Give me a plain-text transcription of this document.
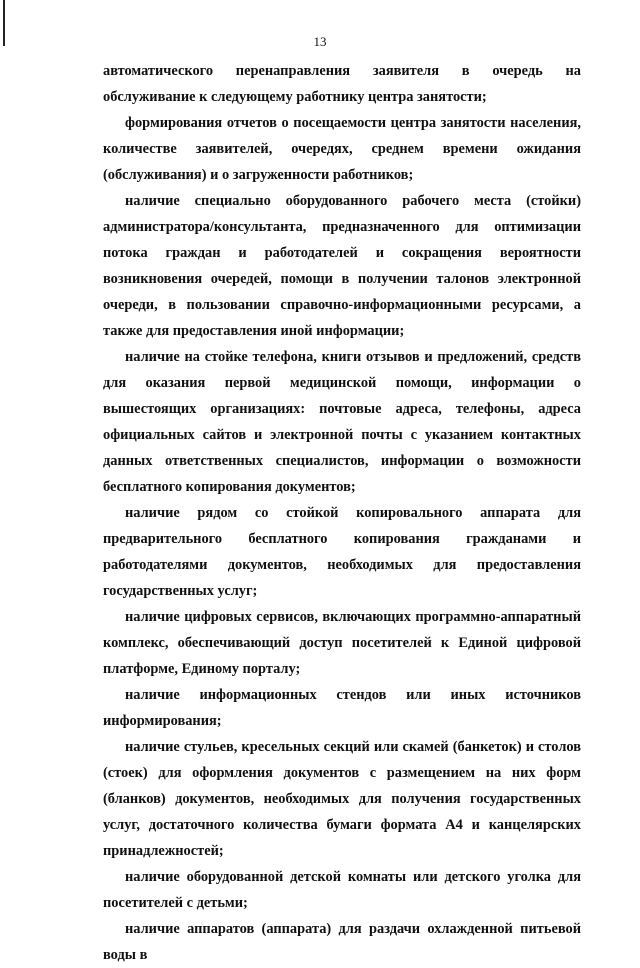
13

автоматического перенаправления заявителя в очередь на обслуживание к следующему работнику центра занятости;

формирования отчетов о посещаемости центра занятости населения, количестве заявителей, очередях, среднем времени ожидания (обслуживания) и о загруженности работников;

наличие специально оборудованного рабочего места (стойки) администратора/консультанта, предназначенного для оптимизации потока граждан и работодателей и сокращения вероятности возникновения очередей, помощи в получении талонов электронной очереди, в пользовании справочно-информационными ресурсами, а также для предоставления иной информации;

наличие на стойке телефона, книги отзывов и предложений, средств для оказания первой медицинской помощи, информации о вышестоящих организациях: почтовые адреса, телефоны, адреса официальных сайтов и электронной почты с указанием контактных данных ответственных специалистов, информации о возможности бесплатного копирования документов;

наличие рядом со стойкой копировального аппарата для предварительного бесплатного копирования гражданами и работодателями документов, необходимых для предоставления государственных услуг;

наличие цифровых сервисов, включающих программно-аппаратный комплекс, обеспечивающий доступ посетителей к Единой цифровой платформе, Единому порталу;

наличие информационных стендов или иных источников информирования;

наличие стульев, кресельных секций или скамей (банкеток) и столов (стоек) для оформления документов с размещением на них форм (бланков) документов, необходимых для получения государственных услуг, достаточного количества бумаги формата А4 и канцелярских принадлежностей;

наличие оборудованной детской комнаты или детского уголка для посетителей с детьми;

наличие аппаратов (аппарата) для раздачи охлажденной питьевой воды в
